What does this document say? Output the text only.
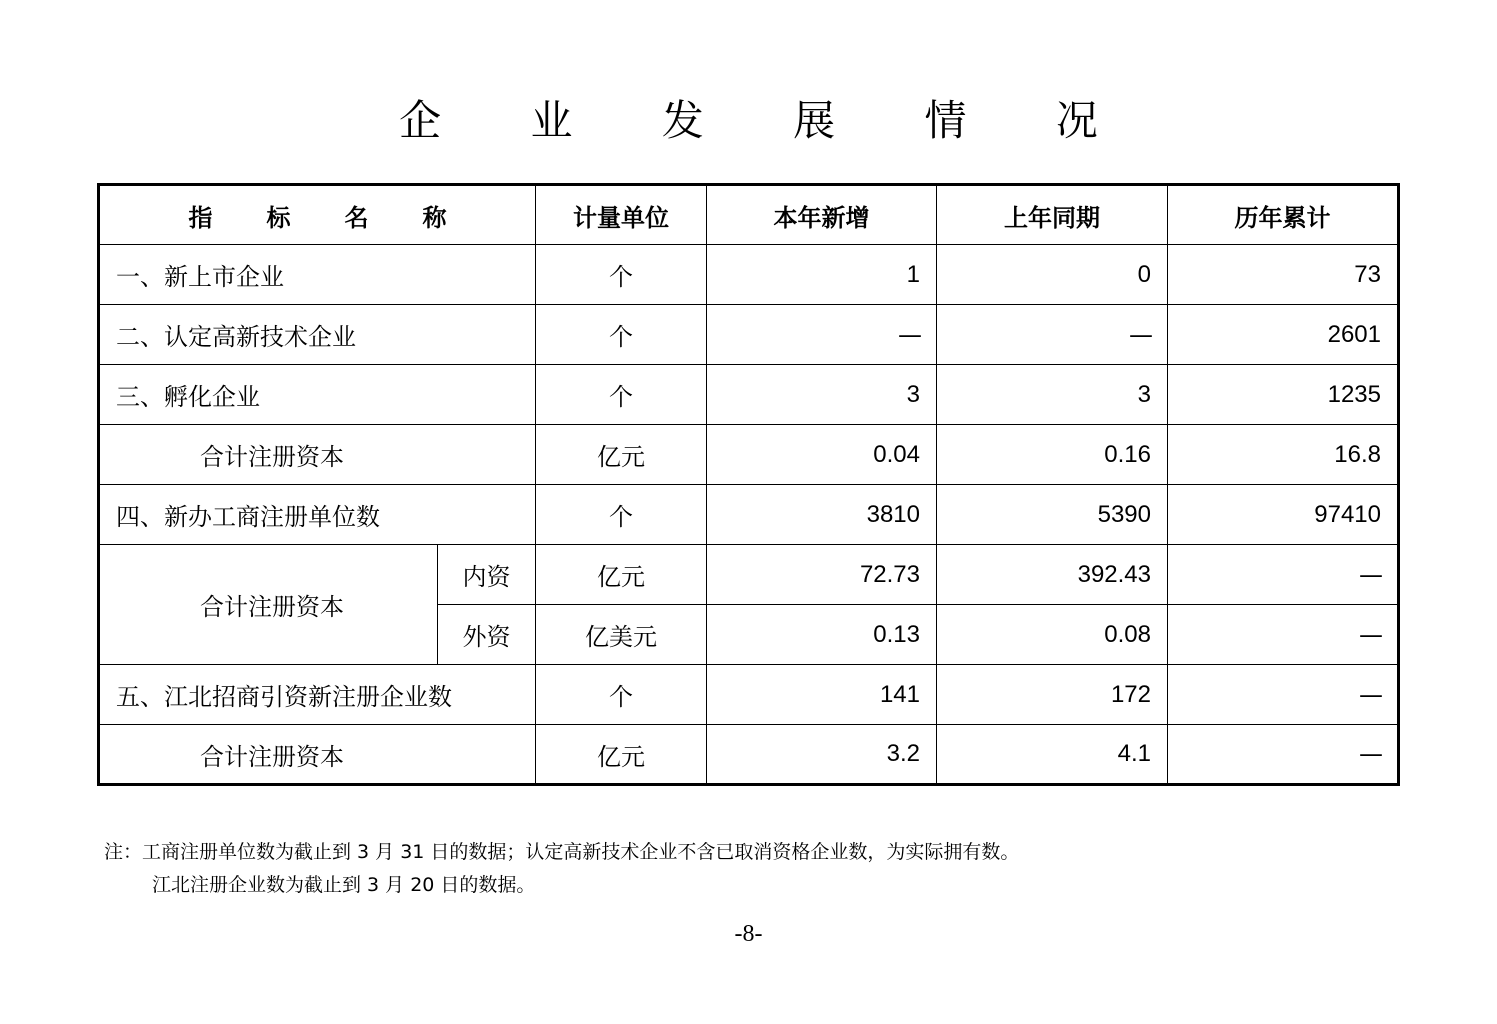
企 业 发 展 情 况
指标名称		计量单位	本年新增	上年同期	历年累计
一、新上市企业		个	1	0	73
二、认定高新技术企业		个	—	—	2601
三、孵化企业		个	3	3	1235
合计注册资本		亿元	0.04	0.16	16.8
四、新办工商注册单位数		个	3810	5390	97410
合计注册资本	内资	亿元	72.73	392.43	—
	外资	亿美元	0.13	0.08	—
五、江北招商引资新注册企业数		个	141	172	—
合计注册资本		亿元	3.2	4.1	—
注：工商注册单位数为截止到 3 月 31 日的数据；认定高新技术企业不含已取消资格企业数，为实际拥有数。
江北注册企业数为截止到 3 月 20 日的数据。
-8-
